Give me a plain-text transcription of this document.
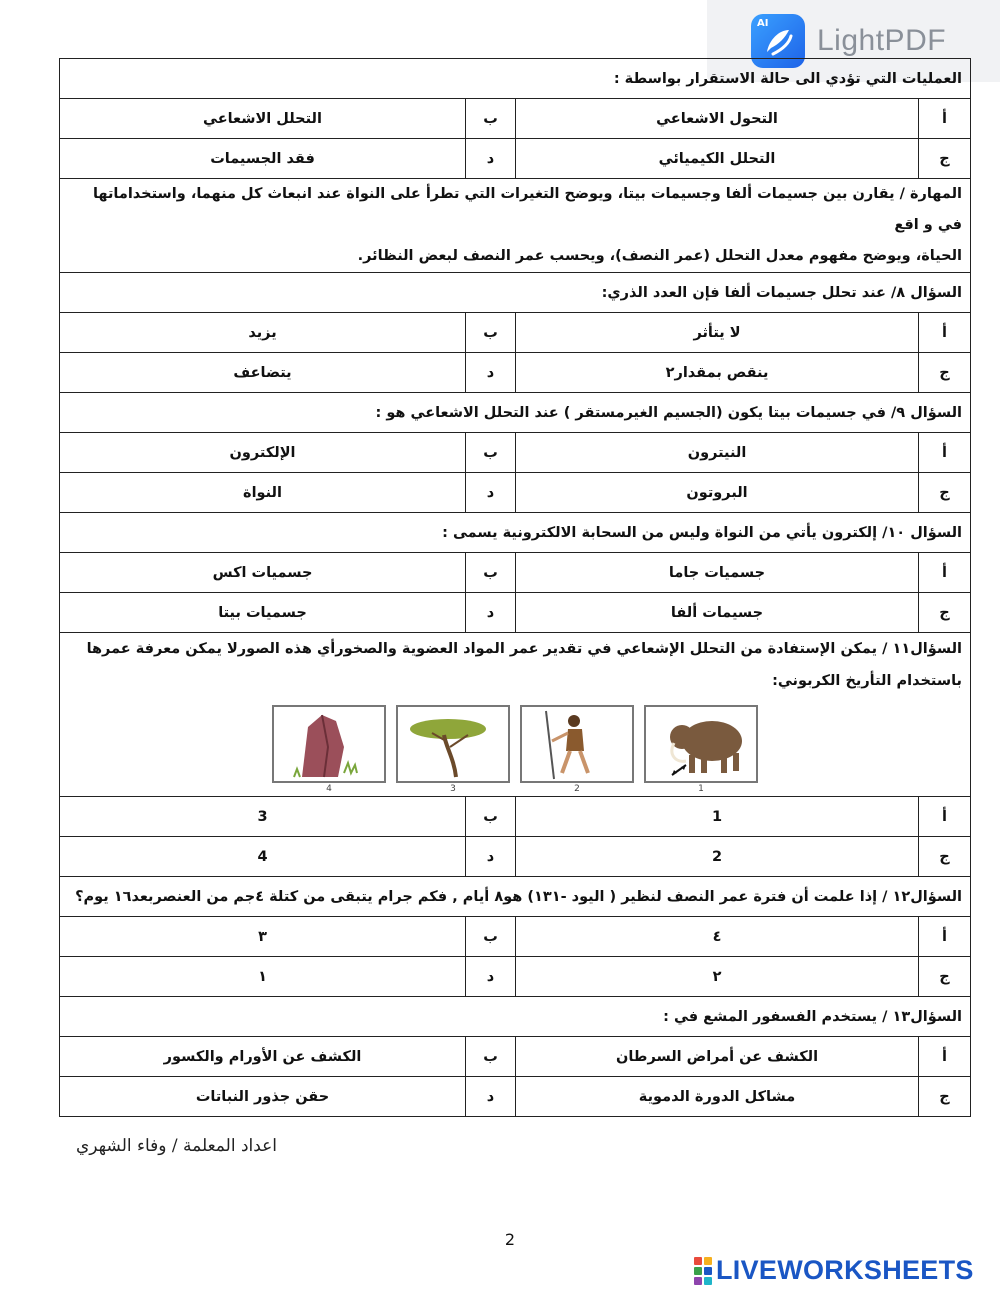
AI
LightPDF
العمليات التي تؤدي الى حالة الاستقرار بواسطة :			
أ	التحول الاشعاعي	ب	التحلل الاشعاعي
ج	التحلل الكيميائي	د	فقد الجسيمات

المهارة / يقارن بين جسيمات ألفا وجسيمات بيتا، ويوضح التغيرات التي تطرأ على النواة عند انبعاث كل منهما، واستخداماتها في و اقع
الحياة، ويوضح مفهوم معدل التحلل (عمر النصف)، ويحسب عمر النصف لبعض النظائر.			

السؤال ٨/ عند تحلل جسيمات ألفا فإن العدد الذري:			
أ	لا يتأثر	ب	يزيد
ج	ينقص بمقدار٢	د	يتضاعف
السؤال ٩/ في جسيمات بيتا يكون (الجسيم الغيرمستقر ) عند التحلل الاشعاعي هو :			
أ	النيترون	ب	الإلكترون
ج	البروتون	د	النواة
السؤال ١٠/ إلكترون يأتي من النواة وليس من السحابة الالكترونية يسمى :			
أ	جسميات جاما	ب	جسميات اكس
ج	جسيمات ألفا	د	جسميات بيتا

السؤال١١ / يمكن الإستفادة من التحلل الإشعاعي في تقدير عمر المواد العضوية والصخورأي هذه الصورلا يمكن معرفة عمرها باستخدام التأريخ الكربوني:
4 3 2 1			

أ	1	ب	3
ج	2	د	4
السؤال١٢ / إذا علمت أن فترة عمر النصف لنظير ( اليود -١٣١) هو٨ أيام , فكم جرام يتبقى من كتلة ٤جم من العنصربعد١٦ يوم؟			
أ	٤	ب	٣
ج	٢	د	١
السؤال١٣ / يستخدم الفسفور المشع في :			
أ	الكشف عن أمراض السرطان	ب	الكشف عن الأورام والكسور
ج	مشاكل الدورة الدموية	د	حقن جذور النباتات
اعداد المعلمة / وفاء الشهري
2
LIVEWORKSHEETS
